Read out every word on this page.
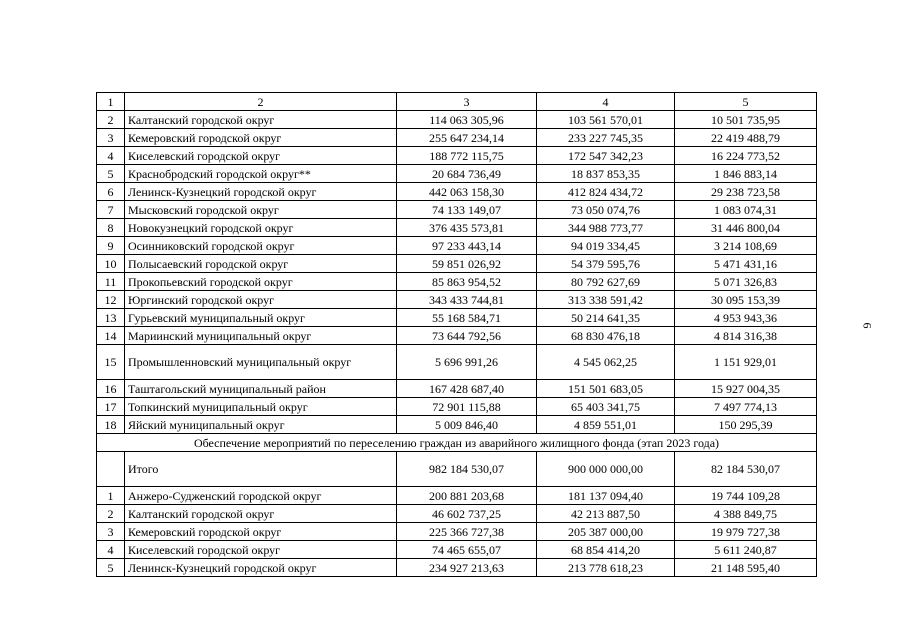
1	2	3	4	5
2	Калтанский городской округ	114 063 305,96	103 561 570,01	10 501 735,95
3	Кемеровский городской округ	255 647 234,14	233 227 745,35	22 419 488,79
4	Киселевский городской округ	188 772 115,75	172 547 342,23	16 224 773,52
5	Краснобродский городской округ**	20 684 736,49	18 837 853,35	1 846 883,14
6	Ленинск-Кузнецкий городской округ	442 063 158,30	412 824 434,72	29 238 723,58
7	Мысковский городской округ	74 133 149,07	73 050 074,76	1 083 074,31
8	Новокузнецкий городской округ	376 435 573,81	344 988 773,77	31 446 800,04
9	Осинниковский городской округ	97 233 443,14	94 019 334,45	3 214 108,69
10	Полысаевский городской округ	59 851 026,92	54 379 595,76	5 471 431,16
11	Прокопьевский городской округ	85 863 954,52	80 792 627,69	5 071 326,83
12	Юргинский городской округ	343 433 744,81	313 338 591,42	30 095 153,39
13	Гурьевский муниципальный округ	55 168 584,71	50 214 641,35	4 953 943,36
14	Мариинский муниципальный округ	73 644 792,56	68 830 476,18	4 814 316,38
15	Промышленновский муниципальный округ	5 696 991,26	4 545 062,25	1 151 929,01
16	Таштагольский муниципальный район	167 428 687,40	151 501 683,05	15 927 004,35
17	Топкинский муниципальный округ	72 901 115,88	65 403 341,75	7 497 774,13
18	Яйский муниципальный округ	5 009 846,40	4 859 551,01	150 295,39
Обеспечение мероприятий по переселению граждан из аварийного жилищного фонда (этап 2023 года)				
	Итого	982 184 530,07	900 000 000,00	82 184 530,07
1	Анжеро-Судженский городской округ	200 881 203,68	181 137 094,40	19 744 109,28
2	Калтанский городской округ	46 602 737,25	42 213 887,50	4 388 849,75
3	Кемеровский городской округ	225 366 727,38	205 387 000,00	19 979 727,38
4	Киселевский городской округ	74 465 655,07	68 854 414,20	5 611 240,87
5	Ленинск-Кузнецкий городской округ	234 927 213,63	213 778 618,23	21 148 595,40
6
